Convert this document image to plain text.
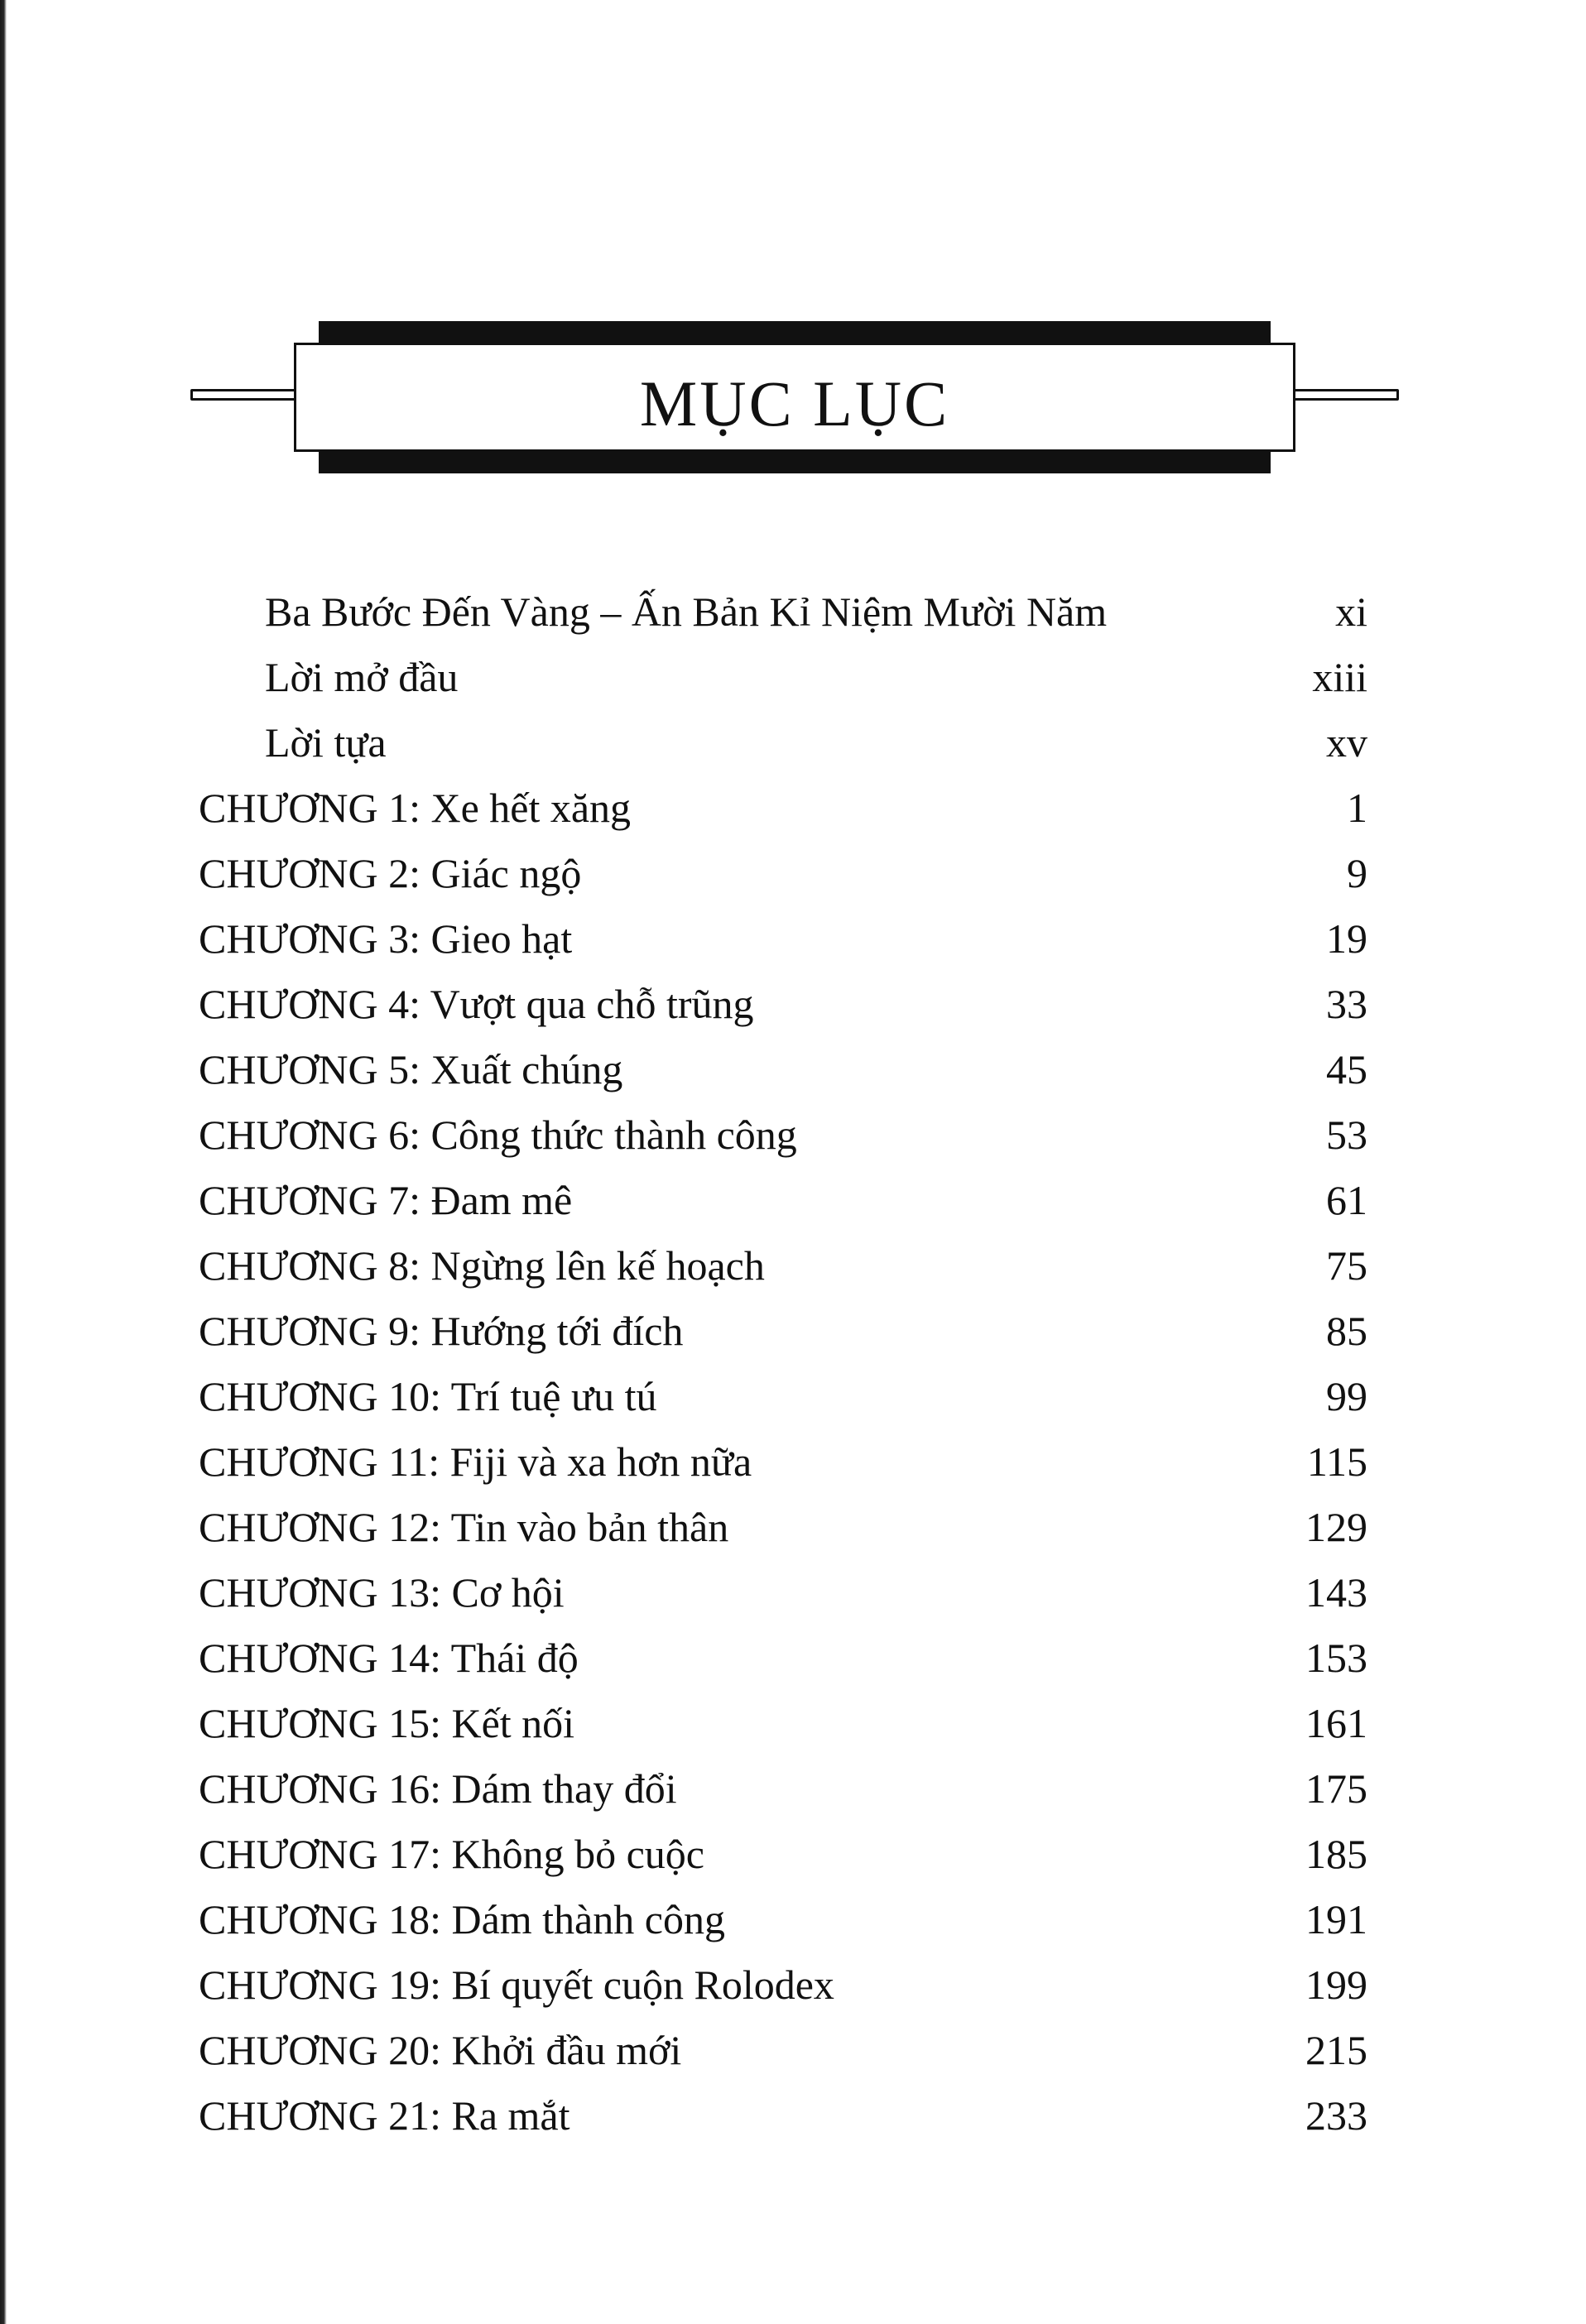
MỤC LỤC
Ba Bước Đến Vàng – Ấn Bản Kỉ Niệm Mười Năm	xi
Lời mở đầu	xiii
Lời tựa	xv
CHƯƠNG 1: Xe hết xăng	1
CHƯƠNG 2: Giác ngộ	9
CHƯƠNG 3: Gieo hạt	19
CHƯƠNG 4: Vượt qua chỗ trũng	33
CHƯƠNG 5: Xuất chúng	45
CHƯƠNG 6: Công thức thành công	53
CHƯƠNG 7: Đam mê	61
CHƯƠNG 8: Ngừng lên kế hoạch	75
CHƯƠNG 9: Hướng tới đích	85
CHƯƠNG 10: Trí tuệ ưu tú	99
CHƯƠNG 11: Fiji và xa hơn nữa	115
CHƯƠNG 12: Tin vào bản thân	129
CHƯƠNG 13: Cơ hội	143
CHƯƠNG 14: Thái độ	153
CHƯƠNG 15: Kết nối	161
CHƯƠNG 16: Dám thay đổi	175
CHƯƠNG 17: Không bỏ cuộc	185
CHƯƠNG 18: Dám thành công	191
CHƯƠNG 19: Bí quyết cuộn Rolodex	199
CHƯƠNG 20: Khởi đầu mới	215
CHƯƠNG 21: Ra mắt	233
